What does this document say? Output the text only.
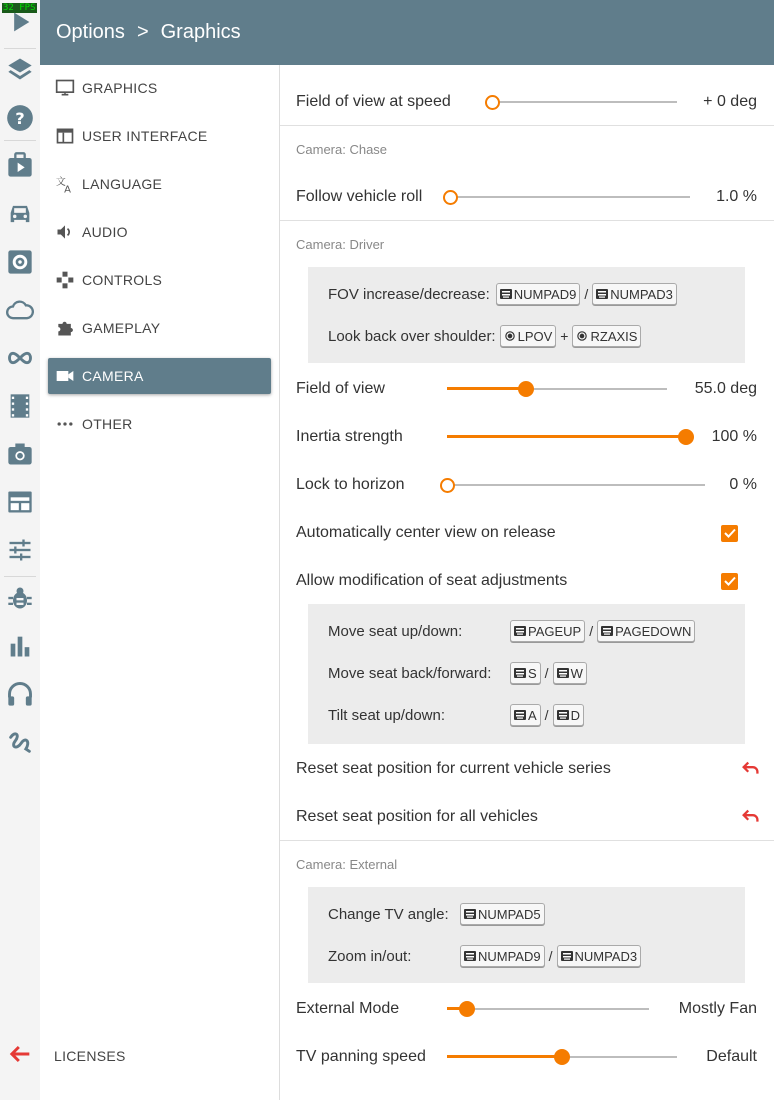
32 FPS
?
Options > Graphics
GRAPHICS
USER INTERFACE
文
A LANGUAGE
AUDIO
CONTROLS
GAMEPLAY
CAMERA
OTHER
LICENSES
Field of view at speed	+ 0 deg
Camera: Chase
Follow vehicle roll	1.0 %
Camera: Driver
FOV increase/decrease: NUMPAD9 / NUMPAD3
Look back over shoulder: LPOV + RZAXIS
Field of view	55.0 deg
Inertia strength	100 %
Lock to horizon	0 %
Automatically center view on release
Allow modification of seat adjustments
Move seat up/down:	PAGEUP / PAGEDOWN
Move seat back/forward:	S / W
Tilt seat up/down:	A / D
Reset seat position for current vehicle series
Reset seat position for all vehicles
Camera: External
Change TV angle:	NUMPAD5
Zoom in/out:	NUMPAD9 / NUMPAD3
External Mode	Mostly Fan
TV panning speed	Default
